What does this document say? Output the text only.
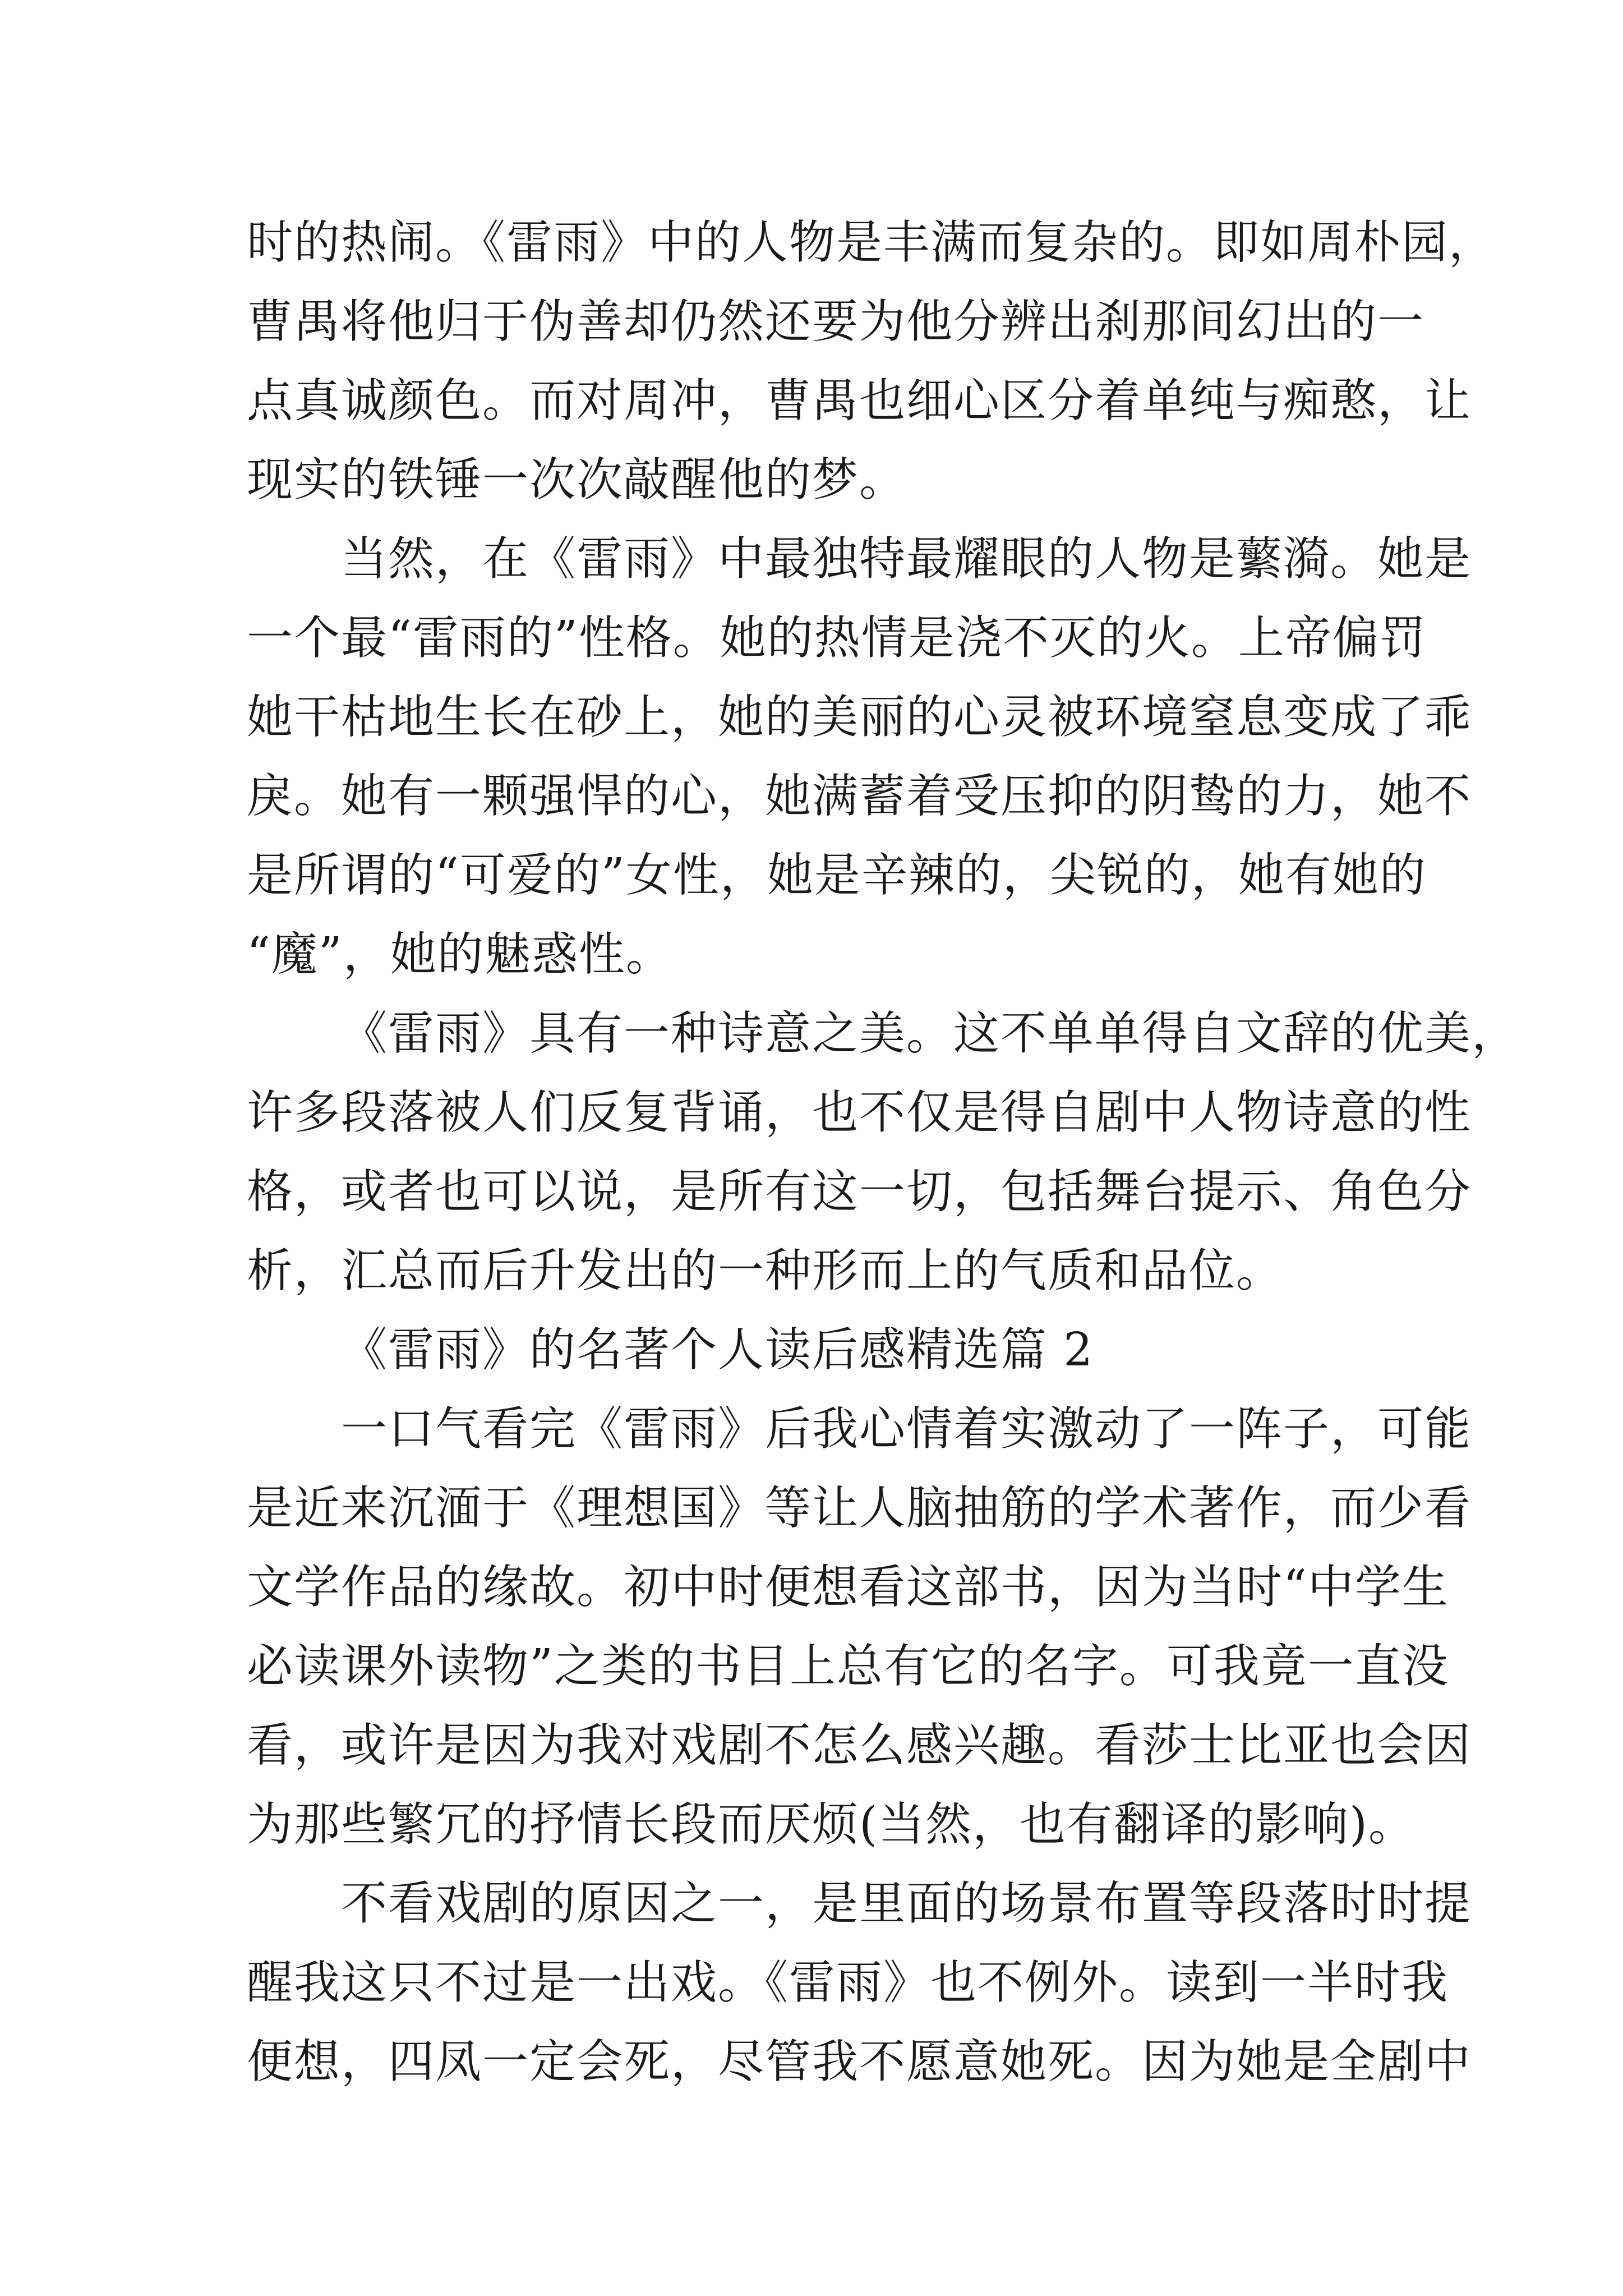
时的热闹。《雷雨》中的人物是丰满而复杂的。即如周朴园，
曹禺将他归于伪善却仍然还要为他分辨出刹那间幻出的一
点真诚颜色。而对周冲，曹禺也细心区分着单纯与痴憨，让
现实的铁锤一次次敲醒他的梦。
当然，在《雷雨》中最独特最耀眼的人物是蘩漪。她是
一个最“雷雨的”性格。她的热情是浇不灭的火。上帝偏罚
她干枯地生长在砂上，她的美丽的心灵被环境窒息变成了乖
戾。她有一颗强悍的心，她满蓄着受压抑的阴鸷的力，她不
是所谓的“可爱的”女性，她是辛辣的，尖锐的，她有她的
“魔”，她的魅惑性。
《雷雨》具有一种诗意之美。这不单单得自文辞的优美，
许多段落被人们反复背诵，也不仅是得自剧中人物诗意的性
格，或者也可以说，是所有这一切，包括舞台提示、角色分
析，汇总而后升发出的一种形而上的气质和品位。
《雷雨》的名著个人读后感精选篇 2
一口气看完《雷雨》后我心情着实激动了一阵子，可能
是近来沉湎于《理想国》等让人脑抽筋的学术著作，而少看
文学作品的缘故。初中时便想看这部书，因为当时“中学生
必读课外读物”之类的书目上总有它的名字。可我竟一直没
看，或许是因为我对戏剧不怎么感兴趣。看莎士比亚也会因
为那些繁冗的抒情长段而厌烦(当然，也有翻译的影响)。
不看戏剧的原因之一，是里面的场景布置等段落时时提
醒我这只不过是一出戏。《雷雨》也不例外。读到一半时我
便想，四凤一定会死，尽管我不愿意她死。因为她是全剧中
